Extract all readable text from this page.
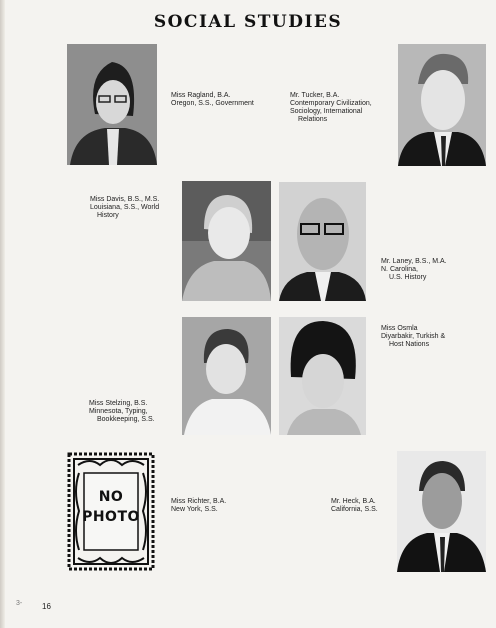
SOCIAL STUDIES
NO
PHOTO
Miss Ragland, B.A.
Oregon, S.S., Government
Mr. Tucker, B.A.
Contemporary Civilization,
Sociology, International
Relations
Miss Davis, B.S., M.S.
Louisiana, S.S., World
History
Mr. Laney, B.S., M.A.
N. Carolina,
U.S. History
Miss Osmla
Diyarbakir, Turkish &
Host Nations
Miss Stelzing, B.S.
Minnesota, Typing,
Bookkeeping, S.S.
Miss Richter, B.A.
New York, S.S.
Mr. Heck, B.A.
California, S.S.
3- 16
